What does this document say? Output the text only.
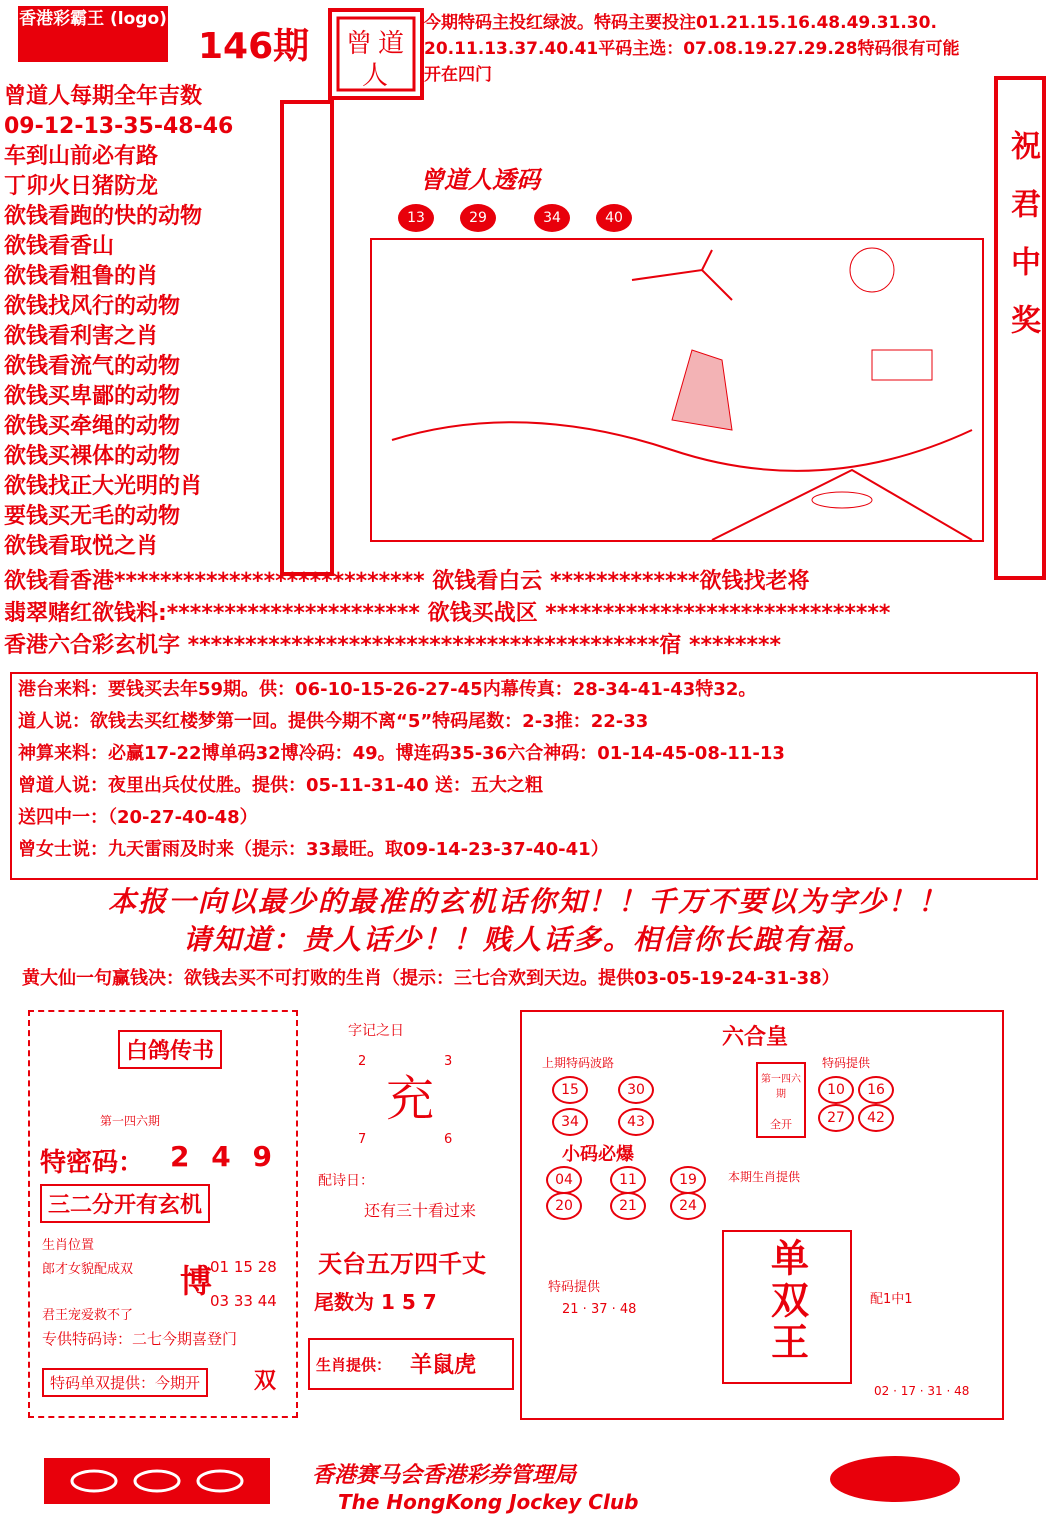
香港彩霸王 (logo)
146期 曾 道
人
今期特码主投红绿波。特码主要投注01.21.15.16.48.49.31.30.
20.11.13.37.40.41平码主选：07.08.19.27.29.28特码很有可能
开在四门
曾道人每期全年吉数
09-12-13-35-48-46
车到山前必有路
丁卯火日猪防龙
欲钱看跑的快的动物
欲钱看香山
欲钱看粗鲁的肖
欲钱找风行的动物
欲钱看利害之肖
欲钱看流气的动物
欲钱买卑鄙的动物
欲钱买牵绳的动物
欲钱买裸体的动物
欲钱找正大光明的肖
要钱买无毛的动物
欲钱看取悦之肖
曾道人透码
13	29	34	40	祝君中奖
欲钱看香港*************************** 欲钱看白云 *************欲钱找老将
翡翠赌红欲钱料:********************** 欲钱买战区 ******************************
香港六合彩玄机字 *****************************************宿 ********
港台来料：要钱买去年59期。供：06-10-15-26-27-45内幕传真：28-34-41-43特32。
道人说：欲钱去买红楼梦第一回。提供今期不离“5”特码尾数：2-3推：22-33
神算来料：必赢17-22博单码32博冷码：49。博连码35-36六合神码：01-14-45-08-11-13
曾道人说：夜里出兵仗仗胜。提供：05-11-31-40 送：五大之粗
送四中一：（20-27-40-48）
曾女士说：九天雷雨及时来（提示：33最旺。取09-14-23-37-40-41）
本报一向以最少的最准的玄机话你知！！千万不要以为字少！！
请知道：贵人话少！！贱人话多。相信你长踉有福。
黄大仙一句赢钱决：欲钱去买不可打败的生肖（提示：三七合欢到天边。提供03-05-19-24-31-38）
白鸽传书
第一四六期
特密码： 2 4 9
三二分开有玄机
生肖位置
郎才女貌配成双
君王宠爱救不了
博
01 15 28
03 33 44
专供特码诗：二七今期喜登门
特码单双提供：今期开	双
字记之日
2	3
充
7	6
配诗日：
还有三十看过来
天台五万四千丈
尾数为 1 5 7
生肖提供： 羊鼠虎
六合皇
上期特码波路
15	30
34	43
第一四六期
全开
特码提供
10	16
27	42
小码必爆
04	11	19
20	21	24
本期生肖提供
特码提供
21 · 37 · 48	单双王	配1中1
02 · 17 · 31 · 48
香港赛马会香港彩券管理局
The HongKong Jockey Club
